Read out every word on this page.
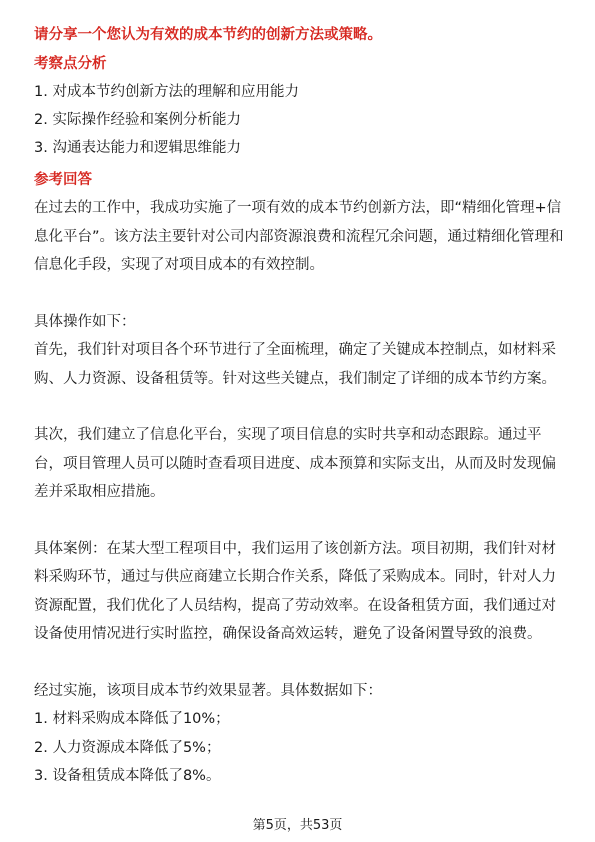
请分享一个您认为有效的成本节约的创新方法或策略。
考察点分析

1. 对成本节约创新方法的理解和应用能力

2. 实际操作经验和案例分析能力

3. 沟通表达能力和逻辑思维能力

参考回答

在过去的工作中，我成功实施了一项有效的成本节约创新方法，即“精细化管理+信

息化平台”。该方法主要针对公司内部资源浪费和流程冗余问题，通过精细化管理和

信息化手段，实现了对项目成本的有效控制。

具体操作如下：

首先，我们针对项目各个环节进行了全面梳理，确定了关键成本控制点，如材料采

购、人力资源、设备租赁等。针对这些关键点，我们制定了详细的成本节约方案。

其次，我们建立了信息化平台，实现了项目信息的实时共享和动态跟踪。通过平

台，项目管理人员可以随时查看项目进度、成本预算和实际支出，从而及时发现偏

差并采取相应措施。

具体案例：在某大型工程项目中，我们运用了该创新方法。项目初期，我们针对材

料采购环节，通过与供应商建立长期合作关系，降低了采购成本。同时，针对人力

资源配置，我们优化了人员结构，提高了劳动效率。在设备租赁方面，我们通过对

设备使用情况进行实时监控，确保设备高效运转，避免了设备闲置导致的浪费。

经过实施，该项目成本节约效果显著。具体数据如下：

1. 材料采购成本降低了10%；

2. 人力资源成本降低了5%；

3. 设备租赁成本降低了8%。

第5页，共53页
